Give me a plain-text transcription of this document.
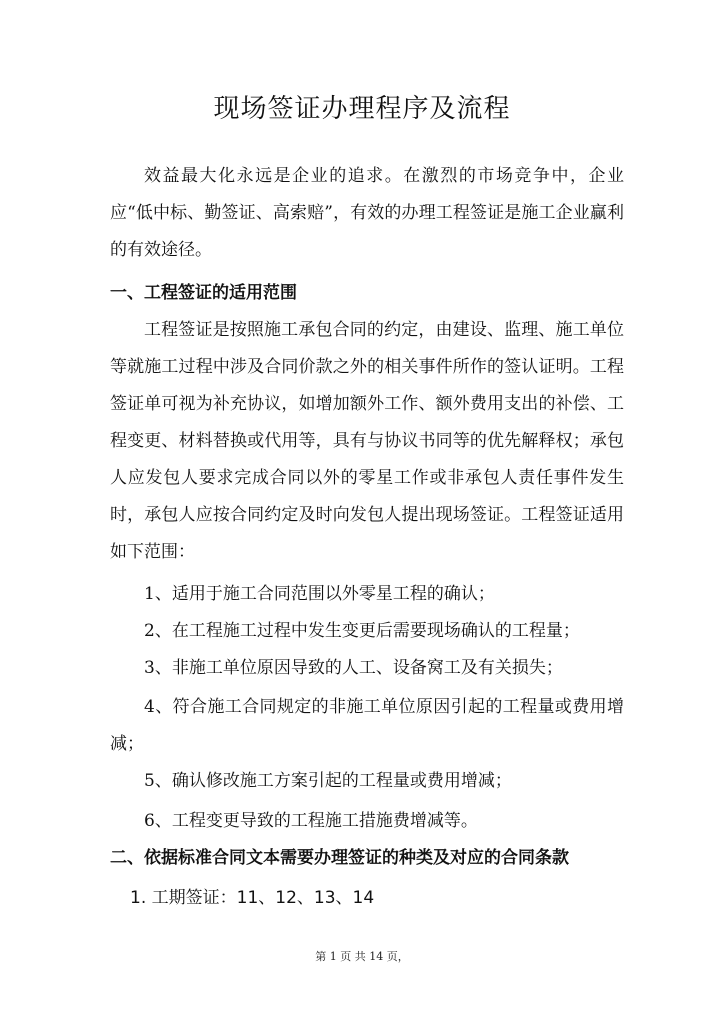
现场签证办理程序及流程
效益最大化永远是企业的追求。在激烈的市场竞争中，企业应“低中标、勤签证、高索赔”，有效的办理工程签证是施工企业赢利的有效途径。
一、工程签证的适用范围
工程签证是按照施工承包合同的约定，由建设、监理、施工单位等就施工过程中涉及合同价款之外的相关事件所作的签认证明。工程签证单可视为补充协议，如增加额外工作、额外费用支出的补偿、工程变更、材料替换或代用等，具有与协议书同等的优先解释权；承包人应发包人要求完成合同以外的零星工作或非承包人责任事件发生时，承包人应按合同约定及时向发包人提出现场签证。工程签证适用如下范围：
1、适用于施工合同范围以外零星工程的确认；
2、在工程施工过程中发生变更后需要现场确认的工程量；
3、非施工单位原因导致的人工、设备窝工及有关损失；
4、符合施工合同规定的非施工单位原因引起的工程量或费用增减；
5、确认修改施工方案引起的工程量或费用增减；
6、工程变更导致的工程施工措施费增减等。
二、依据标准合同文本需要办理签证的种类及对应的合同条款
1. 工期签证：11、12、13、14
第 1 页 共 14 页，
